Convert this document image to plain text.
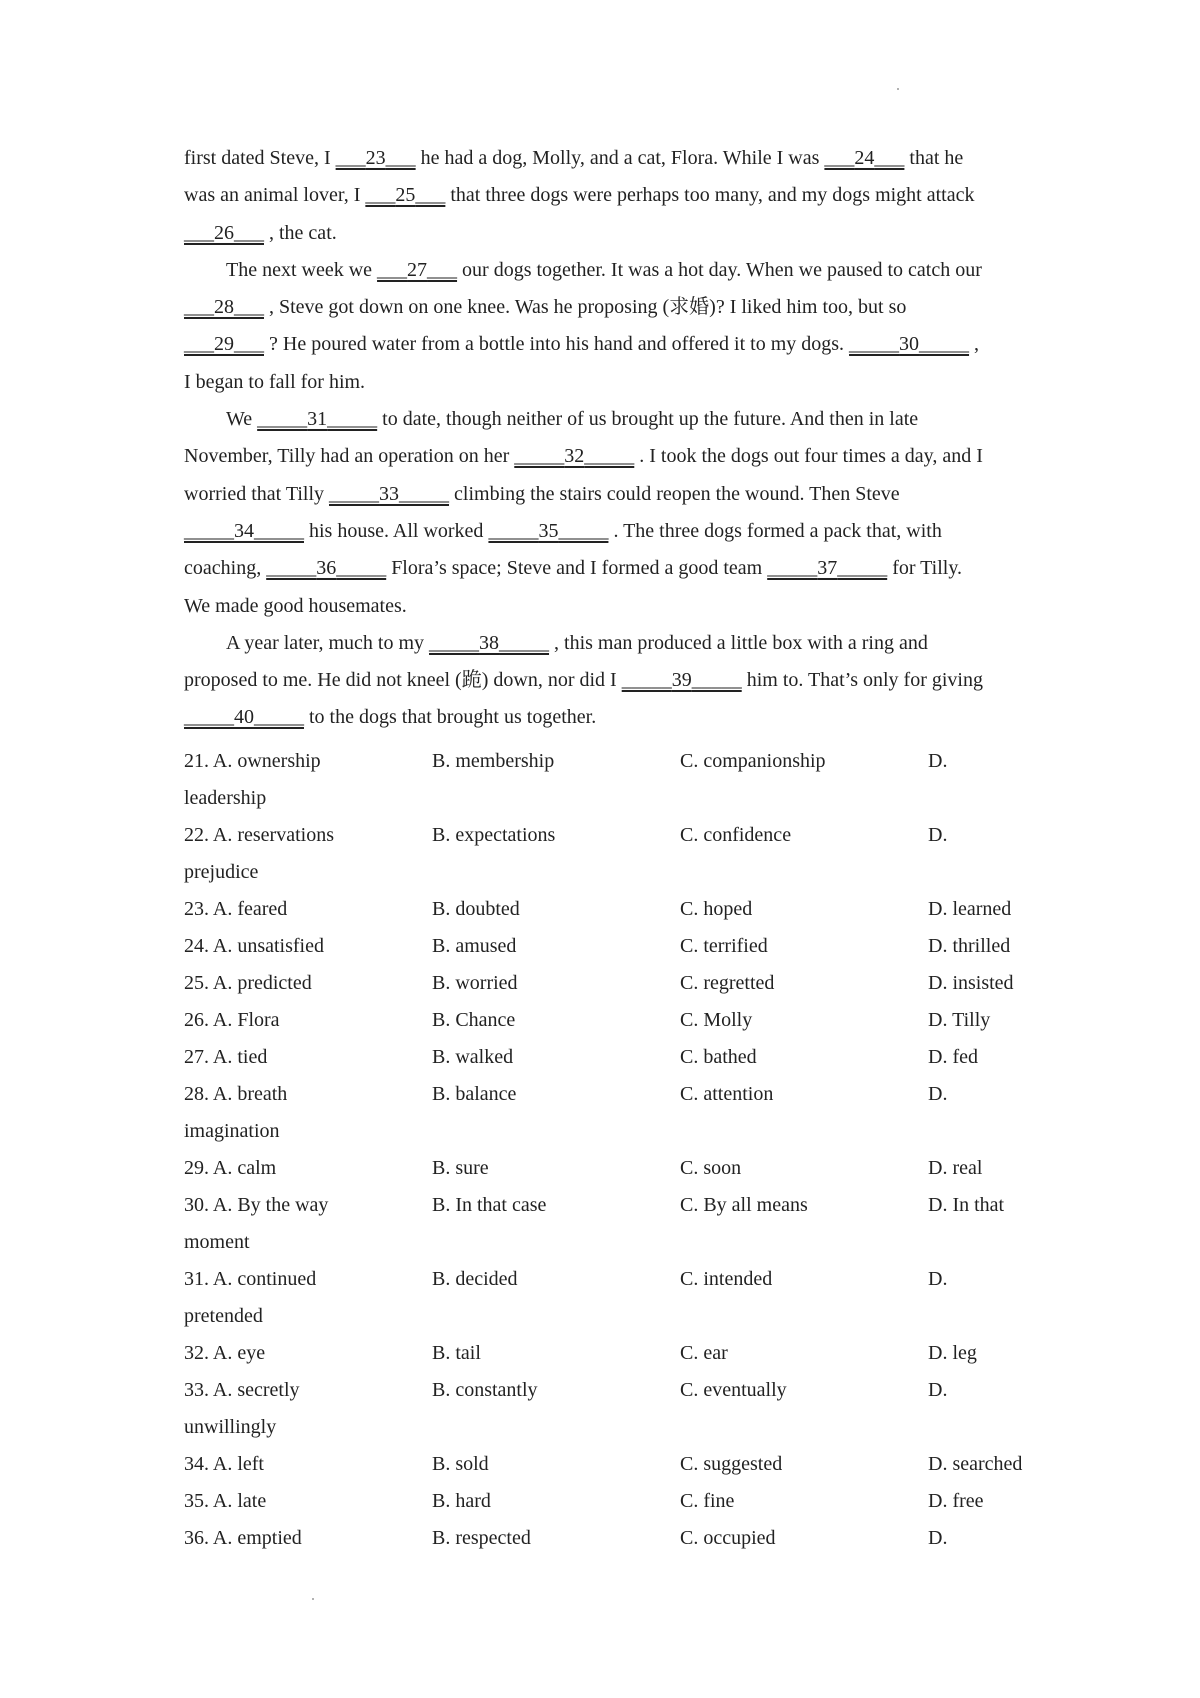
first dated Steve, I ___23___ he had a dog, Molly, and a cat, Flora. While I was ___24___ that he
was an animal lover, I ___25___ that three dogs were perhaps too many, and my dogs might attack
___26___ , the cat.
The next week we ___27___ our dogs together. It was a hot day. When we paused to catch our
___28___ , Steve got down on one knee. Was he proposing (求婚)? I liked him too, but so
___29___ ? He poured water from a bottle into his hand and offered it to my dogs. _____30_____ ,
I began to fall for him.
We _____31_____ to date, though neither of us brought up the future. And then in late
November, Tilly had an operation on her _____32_____ . I took the dogs out four times a day, and I
worried that Tilly _____33_____ climbing the stairs could reopen the wound. Then Steve
_____34_____ his house. All worked _____35_____ . The three dogs formed a pack that, with
coaching, _____36_____ Flora’s space; Steve and I formed a good team _____37_____ for Tilly.
We made good housemates.
A year later, much to my _____38_____ , this man produced a little box with a ring and
proposed to me. He did not kneel (跪) down, nor did I _____39_____ him to. That’s only for giving
_____40_____ to the dogs that brought us together.
21. A. ownership	B. membership	C. companionship	D.
leadership
22. A. reservations	B. expectations	C. confidence	D.
prejudice
23. A. feared	B. doubted	C. hoped	D. learned
24. A. unsatisfied	B. amused	C. terrified	D. thrilled
25. A. predicted	B. worried	C. regretted	D. insisted
26. A. Flora	B. Chance	C. Molly	D. Tilly
27. A. tied	B. walked	C. bathed	D. fed
28. A. breath	B. balance	C. attention	D.
imagination
29. A. calm	B. sure	C. soon	D. real
30. A. By the way	B. In that case	C. By all means	D. In that
moment
31. A. continued	B. decided	C. intended	D.
pretended
32. A. eye	B. tail	C. ear	D. leg
33. A. secretly	B. constantly	C. eventually	D.
unwillingly
34. A. left	B. sold	C. suggested	D. searched
35. A. late	B. hard	C. fine	D. free
36. A. emptied	B. respected	C. occupied	D.
